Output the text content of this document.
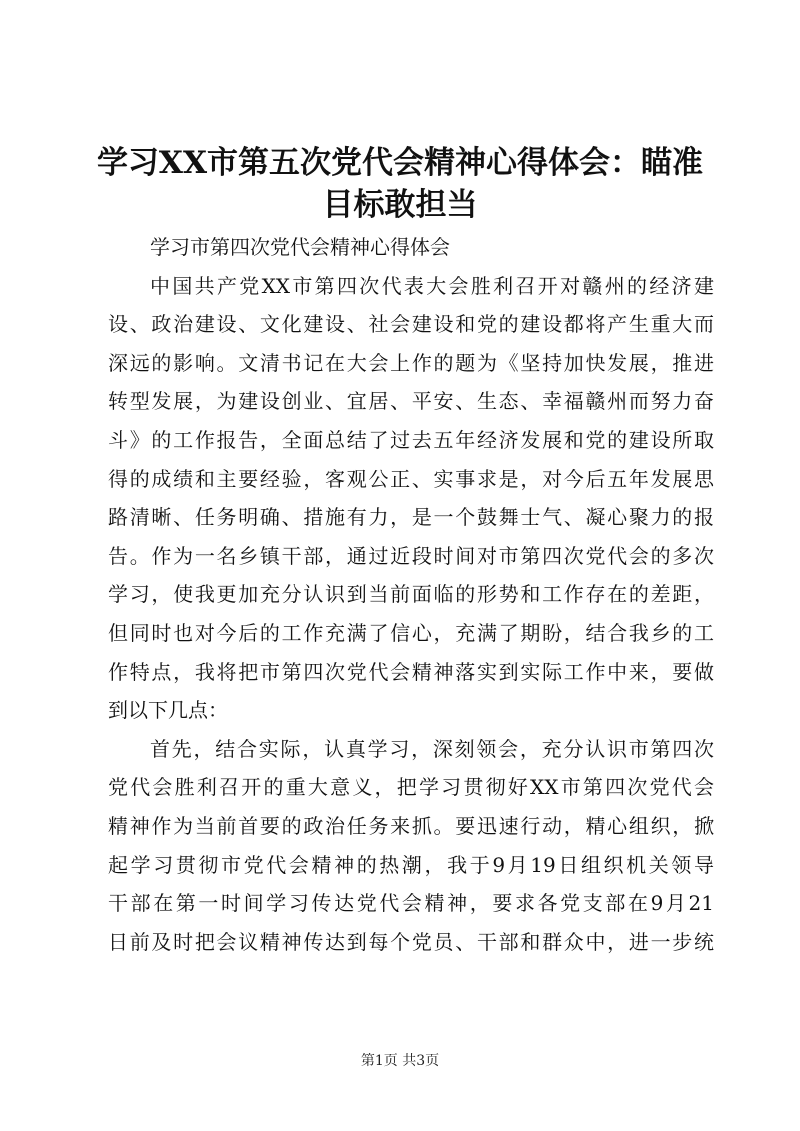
学习XX市第五次党代会精神心得体会：瞄准
目标敢担当
学习市第四次党代会精神心得体会
中国共产党XX市第四次代表大会胜利召开对赣州的经济建
设、政治建设、文化建设、社会建设和党的建设都将产生重大而
深远的影响。文清书记在大会上作的题为《坚持加快发展，推进
转型发展，为建设创业、宜居、平安、生态、幸福赣州而努力奋
斗》的工作报告，全面总结了过去五年经济发展和党的建设所取
得的成绩和主要经验，客观公正、实事求是，对今后五年发展思
路清晰、任务明确、措施有力，是一个鼓舞士气、凝心聚力的报
告。作为一名乡镇干部，通过近段时间对市第四次党代会的多次
学习，使我更加充分认识到当前面临的形势和工作存在的差距，
但同时也对今后的工作充满了信心，充满了期盼，结合我乡的工
作特点，我将把市第四次党代会精神落实到实际工作中来，要做
到以下几点：
首先，结合实际，认真学习，深刻领会，充分认识市第四次
党代会胜利召开的重大意义，把学习贯彻好XX市第四次党代会
精神作为当前首要的政治任务来抓。要迅速行动，精心组织，掀
起学习贯彻市党代会精神的热潮，我于9月19日组织机关领导
干部在第一时间学习传达党代会精神，要求各党支部在9月21
日前及时把会议精神传达到每个党员、干部和群众中，进一步统
第1页 共3页
